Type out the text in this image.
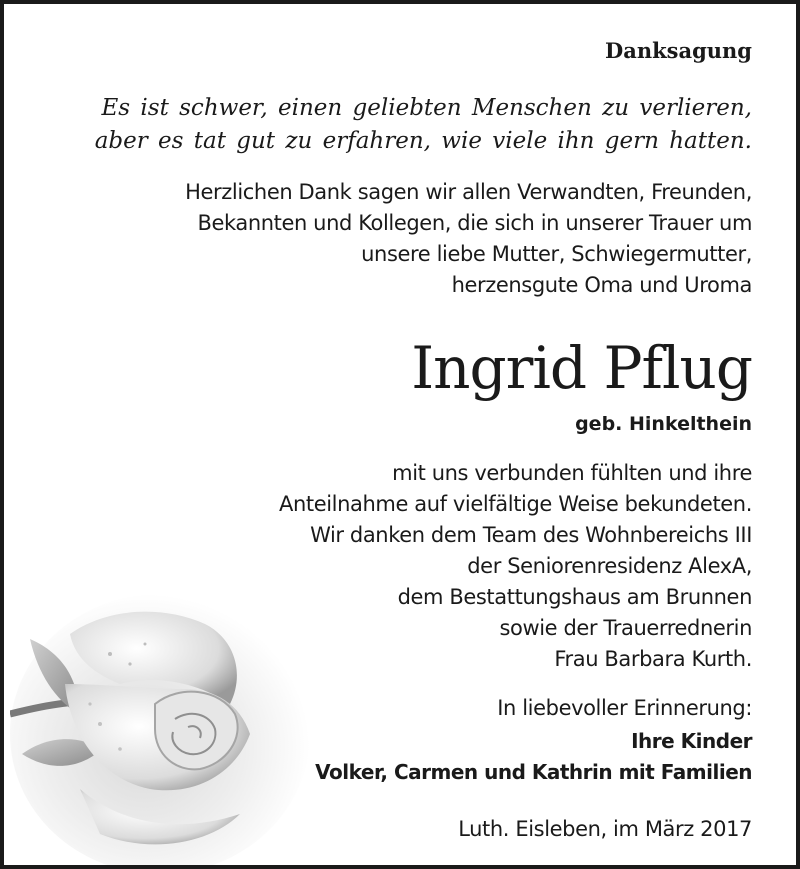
Danksagung

Es ist schwer, einen geliebten Menschen zu verlieren,
aber es tat gut zu erfahren, wie viele ihn gern hatten.
Herzlichen Dank sagen wir allen Verwandten, Freunden,
Bekannten und Kollegen, die sich in unserer Trauer um
unsere liebe Mutter, Schwiegermutter,
herzensgute Oma und Uroma
Ingrid Pflug
geb. Hinkelthein
mit uns verbunden fühlten und ihre
Anteilnahme auf vielfältige Weise bekundeten.
Wir danken dem Team des Wohnbereichs III
der Seniorenresidenz AlexA,
dem Bestattungshaus am Brunnen
sowie der Trauerrednerin
Frau Barbara Kurth.
In liebevoller Erinnerung:
Ihre Kinder
Volker, Carmen und Kathrin mit Familien
Luth. Eisleben, im März 2017
